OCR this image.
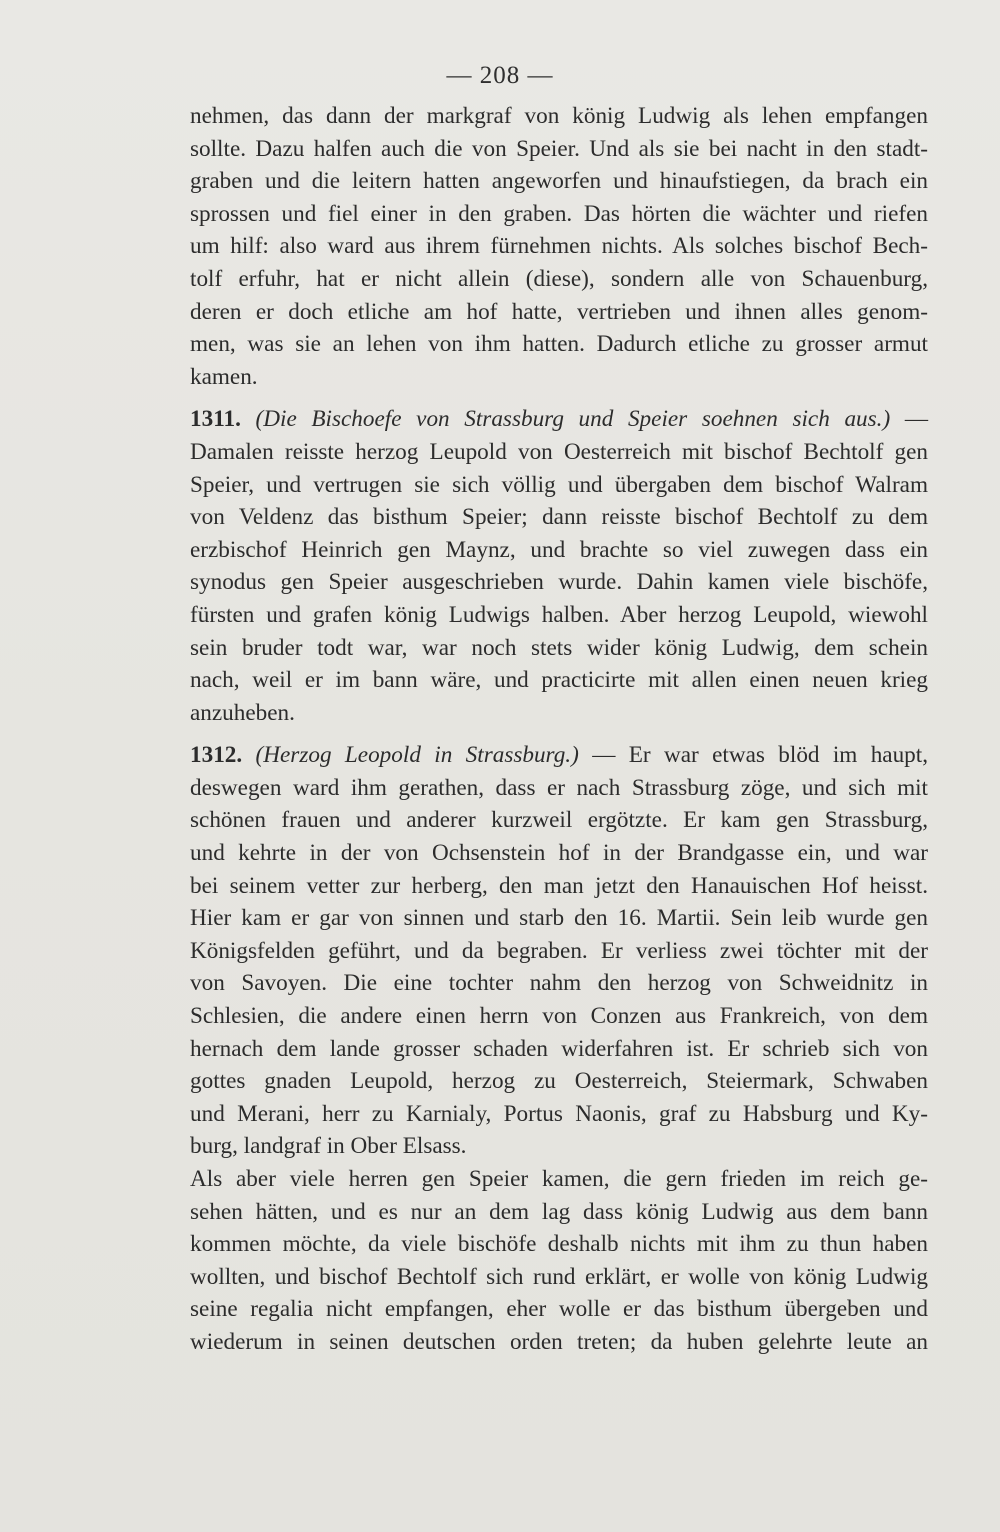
— 208 —
nehmen, das dann der markgraf von könig Ludwig als lehen empfangen
sollte. Dazu halfen auch die von Speier. Und als sie bei nacht in den stadt-
graben und die leitern hatten angeworfen und hinaufstiegen, da brach ein
sprossen und fiel einer in den graben. Das hörten die wächter und riefen
um hilf: also ward aus ihrem fürnehmen nichts. Als solches bischof Bech-
tolf erfuhr, hat er nicht allein (diese), sondern alle von Schauenburg,
deren er doch etliche am hof hatte, vertrieben und ihnen alles genom-
men, was sie an lehen von ihm hatten. Dadurch etliche zu grosser armut
kamen.
1311. (Die Bischoefe von Strassburg und Speier soehnen sich aus.) —
Damalen reisste herzog Leupold von Oesterreich mit bischof Bechtolf gen
Speier, und vertrugen sie sich völlig und übergaben dem bischof Walram
von Veldenz das bisthum Speier; dann reisste bischof Bechtolf zu dem
erzbischof Heinrich gen Maynz, und brachte so viel zuwegen dass ein
synodus gen Speier ausgeschrieben wurde. Dahin kamen viele bischöfe,
fürsten und grafen könig Ludwigs halben. Aber herzog Leupold, wiewohl
sein bruder todt war, war noch stets wider könig Ludwig, dem schein
nach, weil er im bann wäre, und practicirte mit allen einen neuen krieg
anzuheben.
1312. (Herzog Leopold in Strassburg.) — Er war etwas blöd im haupt,
deswegen ward ihm gerathen, dass er nach Strassburg zöge, und sich mit
schönen frauen und anderer kurzweil ergötzte. Er kam gen Strassburg,
und kehrte in der von Ochsenstein hof in der Brandgasse ein, und war
bei seinem vetter zur herberg, den man jetzt den Hanauischen Hof heisst.
Hier kam er gar von sinnen und starb den 16. Martii. Sein leib wurde gen
Königsfelden geführt, und da begraben. Er verliess zwei töchter mit der
von Savoyen. Die eine tochter nahm den herzog von Schweidnitz in
Schlesien, die andere einen herrn von Conzen aus Frankreich, von dem
hernach dem lande grosser schaden widerfahren ist. Er schrieb sich von
gottes gnaden Leupold, herzog zu Oesterreich, Steiermark, Schwaben
und Merani, herr zu Karnialy, Portus Naonis, graf zu Habsburg und Ky-
burg, landgraf in Ober Elsass.
Als aber viele herren gen Speier kamen, die gern frieden im reich ge-
sehen hätten, und es nur an dem lag dass könig Ludwig aus dem bann
kommen möchte, da viele bischöfe deshalb nichts mit ihm zu thun haben
wollten, und bischof Bechtolf sich rund erklärt, er wolle von könig Ludwig
seine regalia nicht empfangen, eher wolle er das bisthum übergeben und
wiederum in seinen deutschen orden treten; da huben gelehrte leute an
